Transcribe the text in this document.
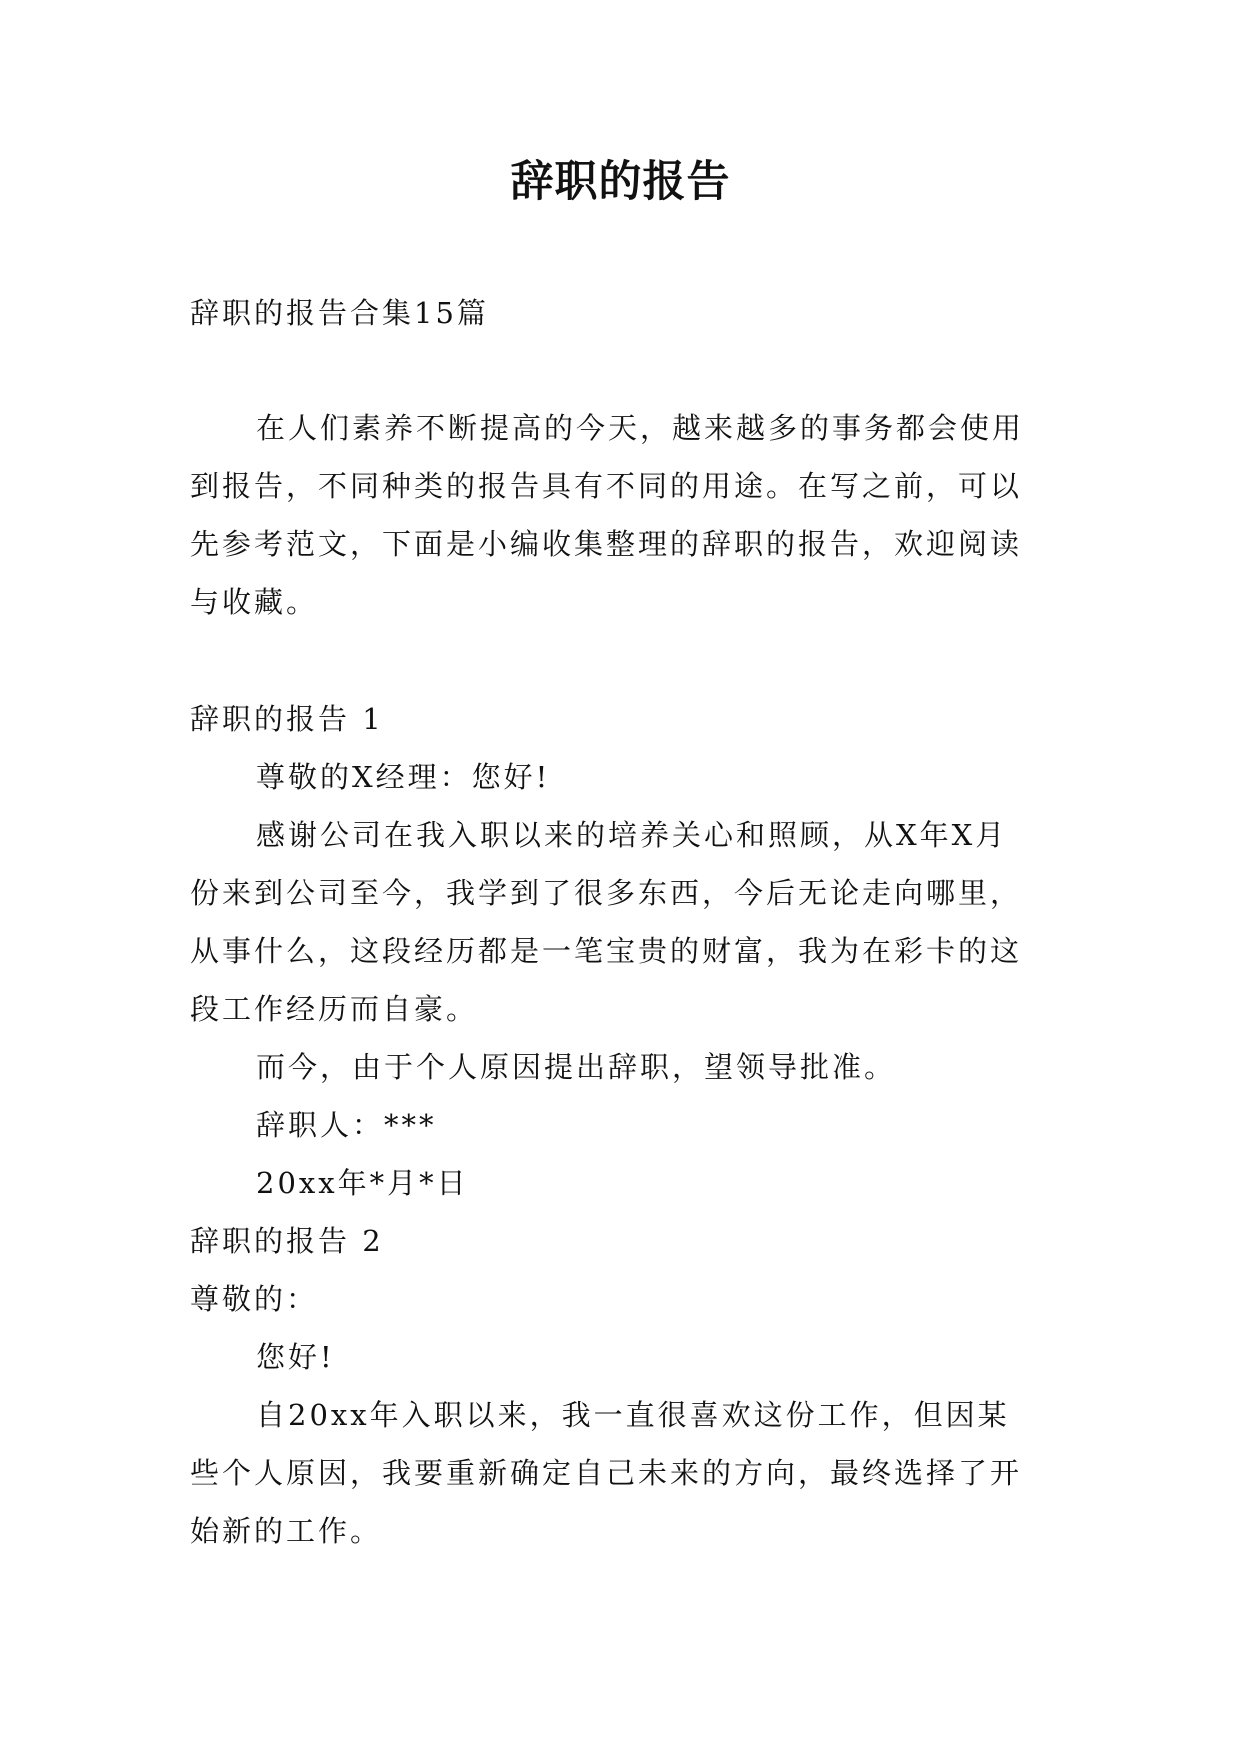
辞职的报告

辞职的报告合集15篇

在人们素养不断提高的今天，越来越多的事务都会使用

到报告，不同种类的报告具有不同的用途。在写之前，可以

先参考范文，下面是小编收集整理的辞职的报告，欢迎阅读

与收藏。

辞职的报告 1

尊敬的X经理：您好!

感谢公司在我入职以来的培养关心和照顾，从X年X月

份来到公司至今，我学到了很多东西，今后无论走向哪里，

从事什么，这段经历都是一笔宝贵的财富，我为在彩卡的这

段工作经历而自豪。

而今，由于个人原因提出辞职，望领导批准。

辞职人：***

20xx年*月*日

辞职的报告 2

尊敬的：

您好!

自20xx年入职以来，我一直很喜欢这份工作，但因某

些个人原因，我要重新确定自己未来的方向，最终选择了开

始新的工作。
